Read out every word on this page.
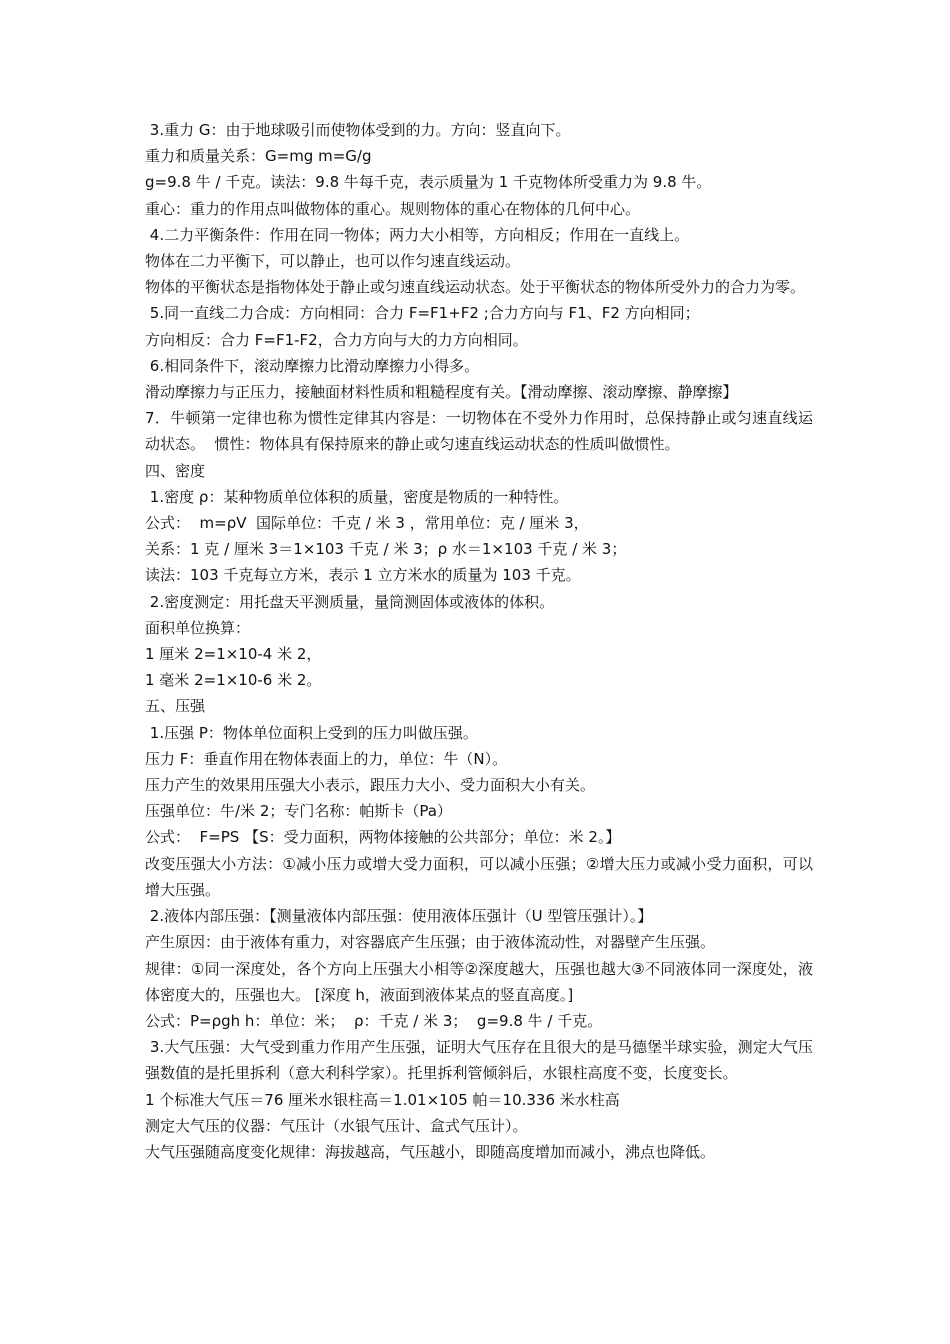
3.重力 G：由于地球吸引而使物体受到的力。方向：竖直向下。

重力和质量关系：G=mg m=G/g

g=9.8 牛 / 千克。读法：9.8 牛每千克，表示质量为 1 千克物体所受重力为 9.8 牛。

重心：重力的作用点叫做物体的重心。规则物体的重心在物体的几何中心。

4.二力平衡条件：作用在同一物体；两力大小相等，方向相反；作用在一直线上。

物体在二力平衡下，可以静止，也可以作匀速直线运动。

物体的平衡状态是指物体处于静止或匀速直线运动状态。处于平衡状态的物体所受外力的合力为零。

5.同一直线二力合成：方向相同：合力 F=F1+F2 ;合力方向与 F1、F2 方向相同；

方向相反：合力 F=F1-F2，合力方向与大的力方向相同。

6.相同条件下，滚动摩擦力比滑动摩擦力小得多。

滑动摩擦力与正压力，接触面材料性质和粗糙程度有关。【滑动摩擦、滚动摩擦、静摩擦】

7．牛顿第一定律也称为惯性定律其内容是：一切物体在不受外力作用时，总保持静止或匀速直线运动状态。  惯性：物体具有保持原来的静止或匀速直线运动状态的性质叫做惯性。

四、密度

1.密度 ρ：某种物质单位体积的质量，密度是物质的一种特性。

公式：  m=ρV  国际单位：千克 / 米 3 ，常用单位：克 / 厘米 3，

关系：1 克 / 厘米 3＝1×103 千克 / 米 3；ρ 水＝1×103 千克 / 米 3；

读法：103 千克每立方米，表示 1 立方米水的质量为 103 千克。

2.密度测定：用托盘天平测质量，量筒测固体或液体的体积。

面积单位换算：

1 厘米 2=1×10-4 米 2，

1 毫米 2=1×10-6 米 2。

五、压强

1.压强 P：物体单位面积上受到的压力叫做压强。

压力 F：垂直作用在物体表面上的力，单位：牛（N）。

压力产生的效果用压强大小表示，跟压力大小、受力面积大小有关。

压强单位：牛/米 2；专门名称：帕斯卡（Pa）

公式：  F=PS 【S：受力面积，两物体接触的公共部分；单位：米 2。】

改变压强大小方法：①减小压力或增大受力面积，可以减小压强；②增大压力或减小受力面积，可以增大压强。

2.液体内部压强：【测量液体内部压强：使用液体压强计（U 型管压强计）。】

产生原因：由于液体有重力，对容器底产生压强；由于液体流动性，对器壁产生压强。

规律：①同一深度处，各个方向上压强大小相等②深度越大，压强也越大③不同液体同一深度处，液体密度大的，压强也大。 [深度 h，液面到液体某点的竖直高度。]

公式：P=ρgh h：单位：米；  ρ：千克 / 米 3；  g=9.8 牛 / 千克。

3.大气压强：大气受到重力作用产生压强，证明大气压存在且很大的是马德堡半球实验，测定大气压强数值的是托里拆利（意大利科学家）。托里拆利管倾斜后，水银柱高度不变，长度变长。

1 个标准大气压＝76 厘米水银柱高＝1.01×105 帕＝10.336 米水柱高

测定大气压的仪器：气压计（水银气压计、盒式气压计）。

大气压强随高度变化规律：海拔越高，气压越小，即随高度增加而减小，沸点也降低。
